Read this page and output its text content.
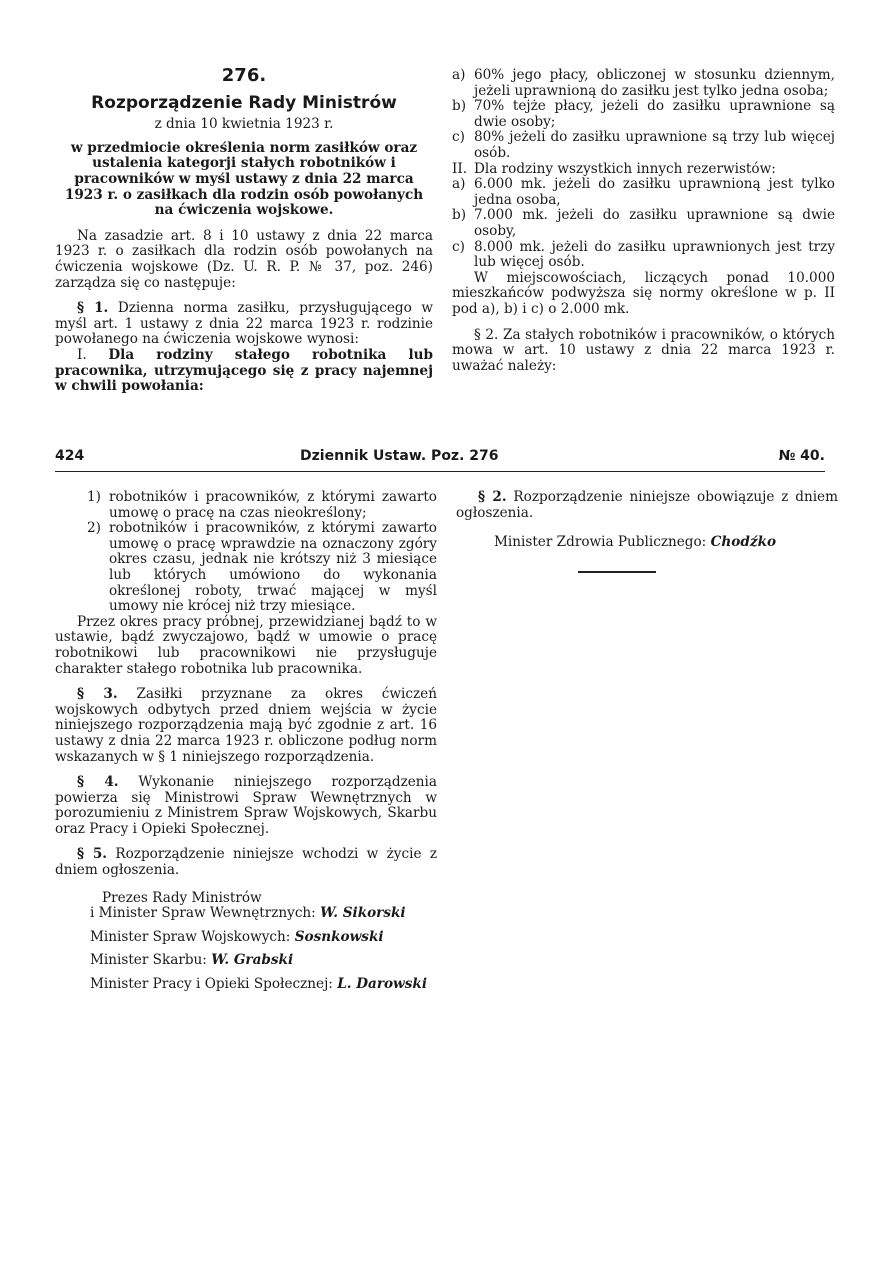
276.
Rozporządzenie Rady Ministrów
z dnia 10 kwietnia 1923 r.

w przedmiocie określenia norm zasiłków oraz ustalenia kategorji stałych robotników i pracowników w myśl ustawy z dnia 22 marca 1923 r. o zasiłkach dla rodzin osób powołanych na ćwiczenia wojskowe.

Na zasadzie art. 8 i 10 ustawy z dnia 22 marca 1923 r. o zasiłkach dla rodzin osób powołanych na ćwiczenia wojskowe (Dz. U. R. P. № 37, poz. 246) zarządza się co następuje:

§ 1. Dzienna norma zasiłku, przysługującego w myśl art. 1 ustawy z dnia 22 marca 1923 r. rodzinie powołanego na ćwiczenia wojskowe wynosi:

I. Dla rodziny stałego robotnika lub pracownika, utrzymującego się z pracy najemnej w chwili powołania:

a) 60% jego płacy, obliczonej w stosunku dziennym, jeżeli uprawnioną do zasiłku jest tylko jedna osoba;
b) 70% tejże płacy, jeżeli do zasiłku uprawnione są dwie osoby;
c) 80% jeżeli do zasiłku uprawnione są trzy lub więcej osób.
II. Dla rodziny wszystkich innych rezerwistów:
a) 6.000 mk. jeżeli do zasiłku uprawnioną jest tylko jedna osoba,
b) 7.000 mk. jeżeli do zasiłku uprawnione są dwie osoby,
c) 8.000 mk. jeżeli do zasiłku uprawnionych jest trzy lub więcej osób.

W miejscowościach, liczących ponad 10.000 mieszkańców podwyższa się normy określone w p. II pod a), b) i c) o 2.000 mk.

§ 2. Za stałych robotników i pracowników, o których mowa w art. 10 ustawy z dnia 22 marca 1923 r. uważać należy:

424	Dziennik Ustaw. Poz. 276	№ 40.
1) robotników i pracowników, z którymi zawarto umowę o pracę na czas nieokreślony;
2) robotników i pracowników, z którymi zawarto umowę o pracę wprawdzie na oznaczony zgóry okres czasu, jednak nie krótszy niż 3 miesiące lub których umówiono do wykonania określonej roboty, trwać mającej w myśl umowy nie krócej niż trzy miesiące.

Przez okres pracy próbnej, przewidzianej bądź to w ustawie, bądź zwyczajowo, bądź w umowie o pracę robotnikowi lub pracownikowi nie przysługuje charakter stałego robotnika lub pracownika.

§ 3. Zasiłki przyznane za okres ćwiczeń wojskowych odbytych przed dniem wejścia w życie niniejszego rozporządzenia mają być zgodnie z art. 16 ustawy z dnia 22 marca 1923 r. obliczone podług norm wskazanych w § 1 niniejszego rozporządzenia.

§ 4. Wykonanie niniejszego rozporządzenia powierza się Ministrowi Spraw Wewnętrznych w porozumieniu z Ministrem Spraw Wojskowych, Skarbu oraz Pracy i Opieki Społecznej.

§ 5. Rozporządzenie niniejsze wchodzi w życie z dniem ogłoszenia.

Prezes Rady Ministrów
i Minister Spraw Wewnętrznych: W. Sikorski
Minister Spraw Wojskowych: Sosnkowski
Minister Skarbu: W. Grabski
Minister Pracy i Opieki Społecznej: L. Darowski

§ 2. Rozporządzenie niniejsze obowiązuje z dniem ogłoszenia.

Minister Zdrowia Publicznego: Chodźko
